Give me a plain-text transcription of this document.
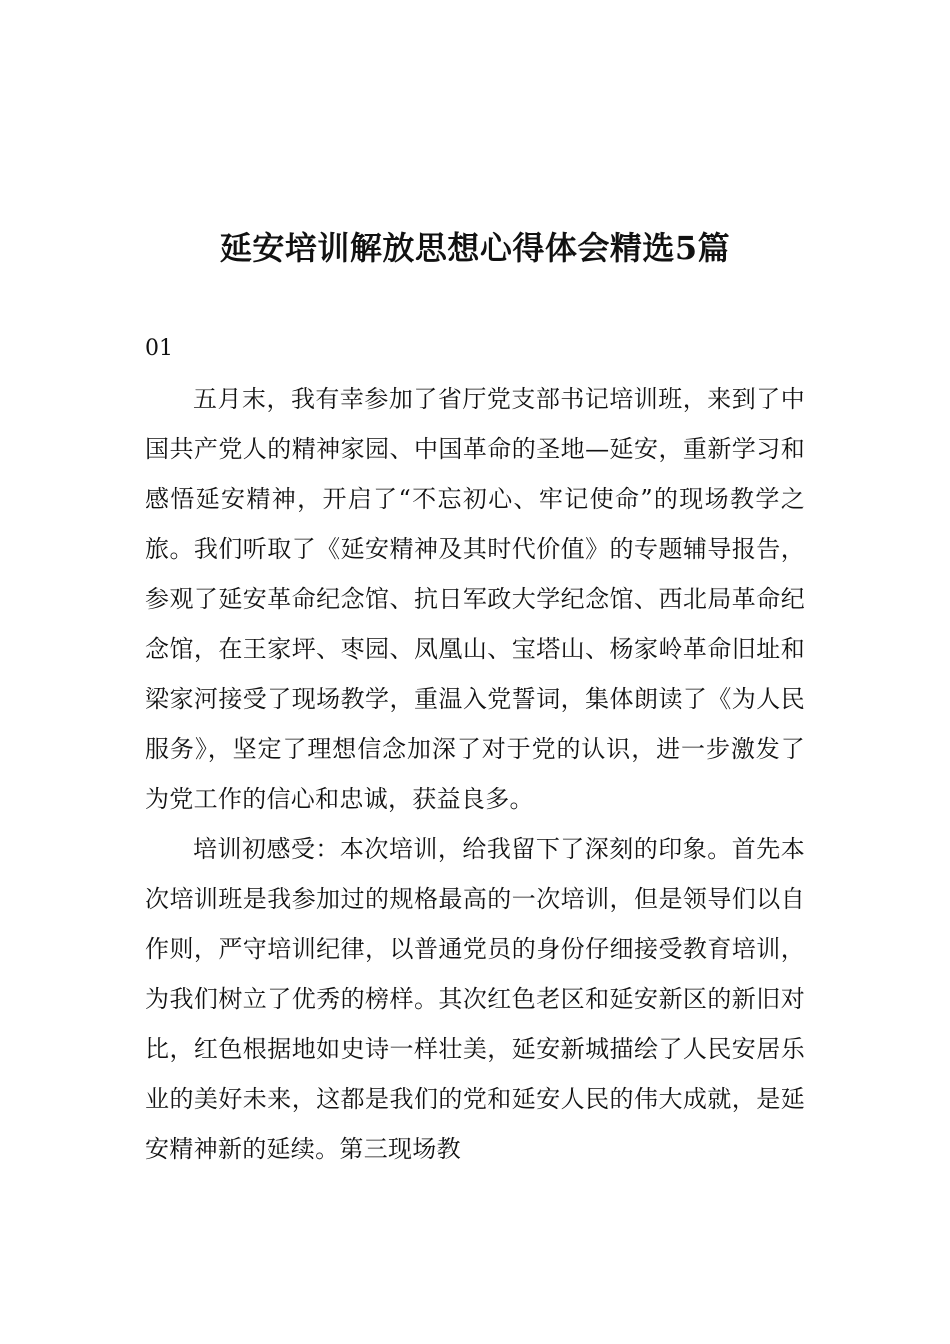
延安培训解放思想心得体会精选5篇
01

五月末，我有幸参加了省厅党支部书记培训班，来到了中国共产党人的精神家园、中国革命的圣地—延安，重新学习和感悟延安精神，开启了“不忘初心、牢记使命”的现场教学之旅。我们听取了《延安精神及其时代价值》的专题辅导报告，参观了延安革命纪念馆、抗日军政大学纪念馆、西北局革命纪念馆，在王家坪、枣园、凤凰山、宝塔山、杨家岭革命旧址和梁家河接受了现场教学，重温入党誓词，集体朗读了《为人民服务》，坚定了理想信念加深了对于党的认识，进一步激发了为党工作的信心和忠诚，获益良多。

培训初感受：本次培训，给我留下了深刻的印象。首先本次培训班是我参加过的规格最高的一次培训，但是领导们以自作则，严守培训纪律，以普通党员的身份仔细接受教育培训，为我们树立了优秀的榜样。其次红色老区和延安新区的新旧对比，红色根据地如史诗一样壮美，延安新城描绘了人民安居乐业的美好未来，这都是我们的党和延安人民的伟大成就，是延安精神新的延续。第三现场教
